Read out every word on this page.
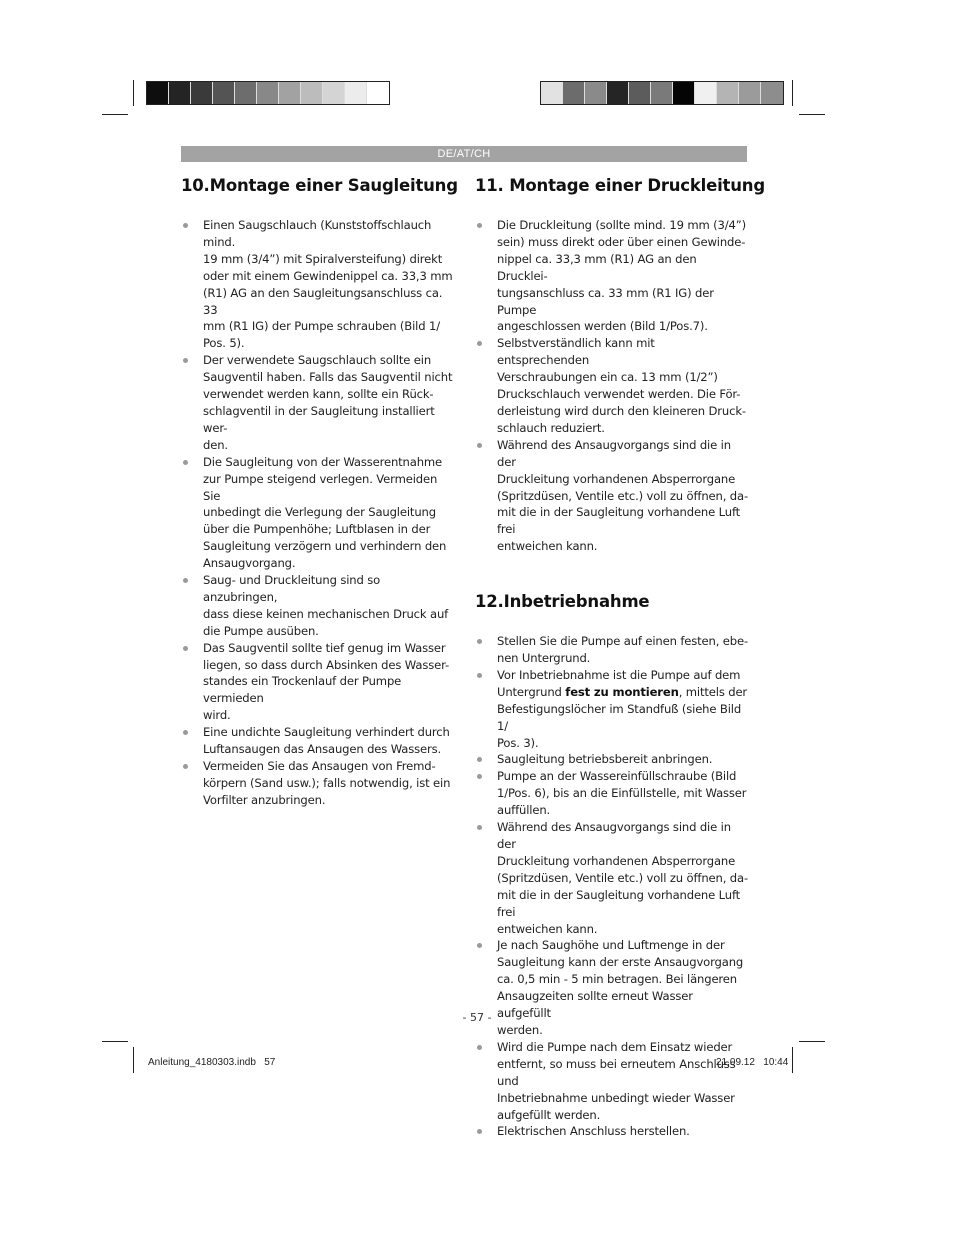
DE/AT/CH
10.Montage einer Saugleitung
Einen Saugschlauch (Kunststoffschlauch mind.
19 mm (3/4”) mit Spiralversteifung) direkt
oder mit einem Gewindenippel ca. 33,3 mm
(R1) AG an den Saugleitungsanschluss ca. 33
mm (R1 IG) der Pumpe schrauben (Bild 1/
Pos. 5).
Der verwendete Saugschlauch sollte ein
Saugventil haben. Falls das Saugventil nicht
verwendet werden kann, sollte ein Rück-
schlagventil in der Saugleitung installiert wer-
den.
Die Saugleitung von der Wasserentnahme
zur Pumpe steigend verlegen. Vermeiden Sie
unbedingt die Verlegung der Saugleitung
über die Pumpenhöhe; Luftblasen in der
Saugleitung verzögern und verhindern den
Ansaugvorgang.
Saug- und Druckleitung sind so anzubringen,
dass diese keinen mechanischen Druck auf
die Pumpe ausüben.
Das Saugventil sollte tief genug im Wasser
liegen, so dass durch Absinken des Wasser-
standes ein Trockenlauf der Pumpe vermieden
wird.
Eine undichte Saugleitung verhindert durch
Luftansaugen das Ansaugen des Wassers.
Vermeiden Sie das Ansaugen von Fremd-
körpern (Sand usw.); falls notwendig, ist ein
Vorfilter anzubringen.
11. Montage einer Druckleitung
Die Druckleitung (sollte mind. 19 mm (3/4”)
sein) muss direkt oder über einen Gewinde-
nippel ca. 33,3 mm (R1) AG an den Drucklei-
tungsanschluss ca. 33 mm (R1 IG) der Pumpe
angeschlossen werden (Bild 1/Pos.7).
Selbstverständlich kann mit entsprechenden
Verschraubungen ein ca. 13 mm (1/2”)
Druckschlauch verwendet werden. Die För-
derleistung wird durch den kleineren Druck-
schlauch reduziert.
Während des Ansaugvorgangs sind die in der
Druckleitung vorhandenen Absperrorgane
(Spritzdüsen, Ventile etc.) voll zu öffnen, da-
mit die in der Saugleitung vorhandene Luft frei
entweichen kann.
12.Inbetriebnahme
Stellen Sie die Pumpe auf einen festen, ebe-
nen Untergrund.
Vor Inbetriebnahme ist die Pumpe auf dem
Untergrund fest zu montieren, mittels der
Befestigungslöcher im Standfuß (siehe Bild 1/
Pos. 3).
Saugleitung betriebsbereit anbringen.
Pumpe an der Wassereinfüllschraube (Bild
1/Pos. 6), bis an die Einfüllstelle, mit Wasser
auffüllen.
Während des Ansaugvorgangs sind die in der
Druckleitung vorhandenen Absperrorgane
(Spritzdüsen, Ventile etc.) voll zu öffnen, da-
mit die in der Saugleitung vorhandene Luft frei
entweichen kann.
Je nach Saughöhe und Luftmenge in der
Saugleitung kann der erste Ansaugvorgang
ca. 0,5 min - 5 min betragen. Bei längeren
Ansaugzeiten sollte erneut Wasser aufgefüllt
werden.
Wird die Pumpe nach dem Einsatz wieder
entfernt, so muss bei erneutem Anschluss und
Inbetriebnahme unbedingt wieder Wasser
aufgefüllt werden.
Elektrischen Anschluss herstellen.
- 57 -
Anleitung_4180303.indb   57	21.09.12   10:44
